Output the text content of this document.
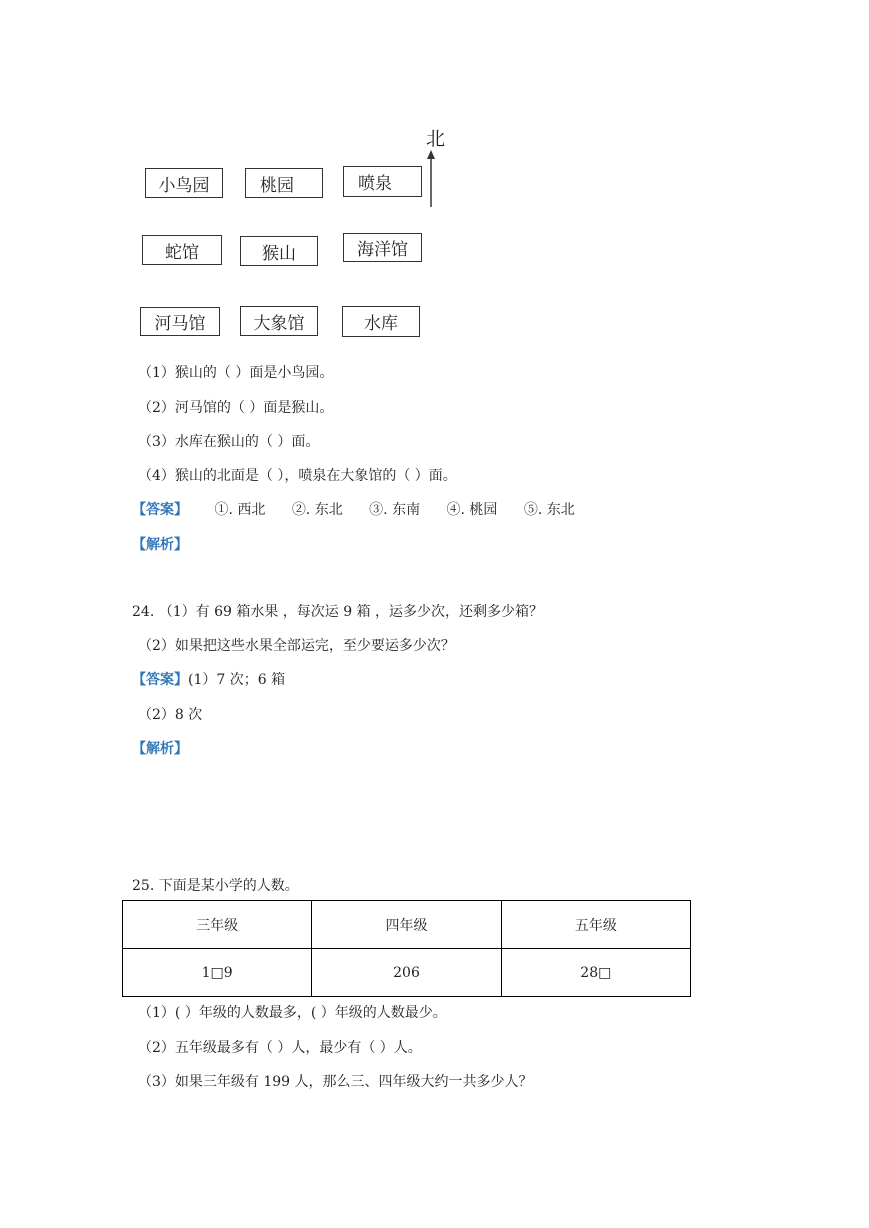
北
小鸟园	桃园	喷泉
蛇馆	猴山	海洋馆
河马馆	大象馆	水库
（1）猴山的（ ）面是小鸟园。
（2）河马馆的（ ）面是猴山。
（3）水库在猴山的（ ）面。
（4）猴山的北面是（ ），喷泉在大象馆的（ ）面。
【答案】 ①. 西北 ②. 东北 ③. 东南 ④. 桃园 ⑤. 东北
【解析】
24. （1）有 69 箱水果 ，每次运 9 箱 ，运多少次，还剩多少箱？
（2）如果把这些水果全部运完，至少要运多少次？
【答案】(1）7 次；6 箱
（2）8 次
【解析】
25. 下面是某小学的人数。
三年级	四年级	五年级
1□9	206	28□
（1）( ）年级的人数最多，( ）年级的人数最少。
（2）五年级最多有（ ）人，最少有（ ）人。
（3）如果三年级有 199 人，那么三、四年级大约一共多少人？
